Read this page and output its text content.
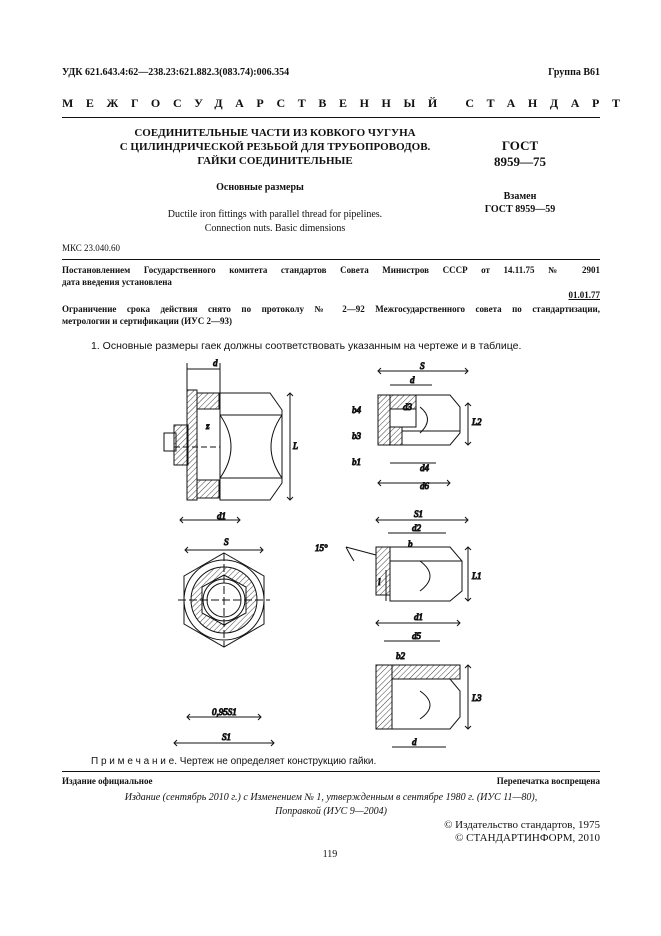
УДК 621.643.4:62—238.23:621.882.3(083.74):006.354	Группа В61
МЕЖГОСУДАРСТВЕННЫЙ СТАНДАРТ
СОЕДИНИТЕЛЬНЫЕ ЧАСТИ ИЗ КОВКОГО ЧУГУНА
С ЦИЛИНДРИЧЕСКОЙ РЕЗЬБОЙ ДЛЯ ТРУБОПРОВОДОВ.
ГАЙКИ СОЕДИНИТЕЛЬНЫЕ
Основные размеры
Ductile iron fittings with parallel thread for pipelines.
Connection nuts. Basic dimensions
ГОСТ
8959—75
Взамен
ГОСТ 8959—59
МКС 23.040.60
Постановлением Государственного комитета стандартов Совета Министров СССР от 14.11.75 № 2901
дата введения установлена
01.01.77
Ограничение срока действия снято по протоколу № 2—92 Межгосударственного совета по стандартизации,
метрологии и сертификации (ИУС 2—93)
1. Основные размеры гаек должны соответствовать указанным на чертеже и в таблице.
d
L
z
d1
S
d
d3
b4
b3
b1
L2
d4
d6
S
0,95S1
S1
15°
S1
d2
b
l
L1
d1
d5
b2
L3
d
П р и м е ч а н и е. Чертеж не определяет конструкцию гайки.
Издание официальное	Перепечатка воспрещена
Издание (сентябрь 2010 г.) с Изменением № 1, утвержденным в сентябре 1980 г. (ИУС 11—80),
Поправкой (ИУС 9—2004)
© Издательство стандартов, 1975
© СТАНДАРТИНФОРМ, 2010
119
